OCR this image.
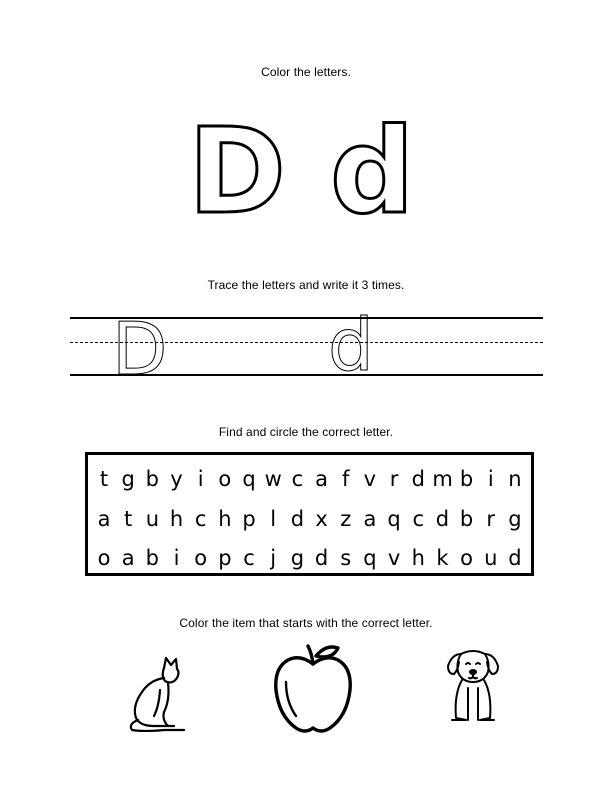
Color the letters.
D d
Trace the letters and write it 3 times.
D d
Find and circle the correct letter.
t g b y i o q w c a f v r d m b i n
a t u h c h p l d x z a q c d b r g
o a b i o p c j g d s q v h k o u d
Color the item that starts with the correct letter.
